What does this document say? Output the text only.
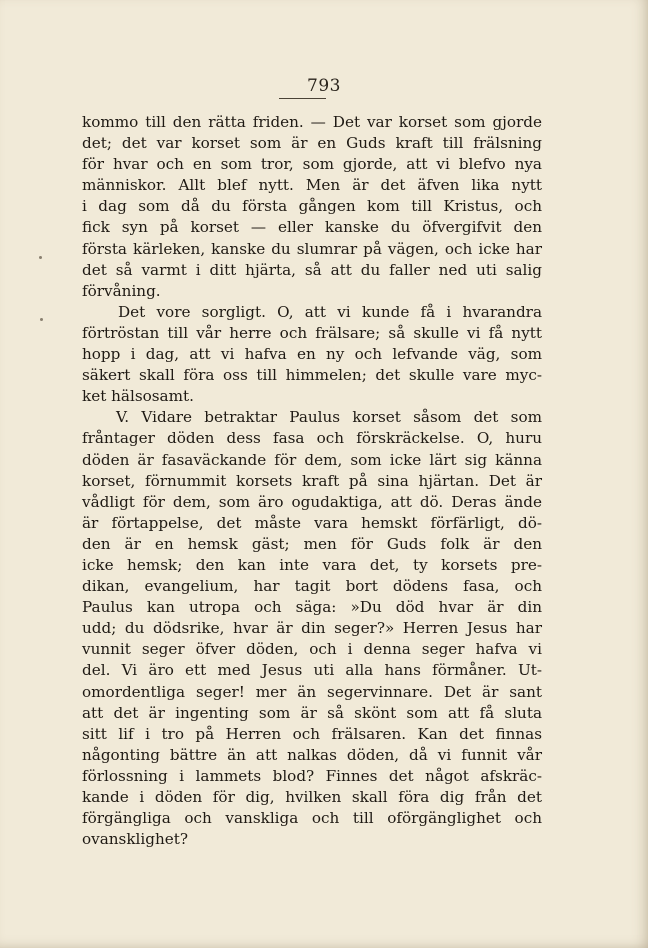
793
kommo till den rätta friden. — Det var korset som gjorde
det; det var korset som är en Guds kraft till frälsning
för hvar och en som tror, som gjorde, att vi blefvo nya
människor. Allt blef nytt. Men är det äfven lika nytt
i dag som då du första gången kom till Kristus, och
fick syn på korset — eller kanske du öfvergifvit den
första kärleken, kanske du slumrar på vägen, och icke har
det så varmt i ditt hjärta, så att du faller ned uti salig
förvåning.
Det vore sorgligt. O, att vi kunde få i hvarandra
förtröstan till vår herre och frälsare; så skulle vi få nytt
hopp i dag, att vi hafva en ny och lefvande väg, som
säkert skall föra oss till himmelen; det skulle vare myc-
ket hälsosamt.
V. Vidare betraktar Paulus korset såsom det som
fråntager döden dess fasa och förskräckelse. O, huru
döden är fasaväckande för dem, som icke lärt sig känna
korset, förnummit korsets kraft på sina hjärtan. Det är
vådligt för dem, som äro ogudaktiga, att dö. Deras ände
är förtappelse, det måste vara hemskt förfärligt, dö-
den är en hemsk gäst; men för Guds folk är den
icke hemsk; den kan inte vara det, ty korsets pre-
dikan, evangelium, har tagit bort dödens fasa, och
Paulus kan utropa och säga: »Du död hvar är din
udd; du dödsrike, hvar är din seger?» Herren Jesus har
vunnit seger öfver döden, och i denna seger hafva vi
del. Vi äro ett med Jesus uti alla hans förmåner. Ut-
omordentliga seger! mer än segervinnare. Det är sant
att det är ingenting som är så skönt som att få sluta
sitt lif i tro på Herren och frälsaren. Kan det finnas
någonting bättre än att nalkas döden, då vi funnit vår
förlossning i lammets blod? Finnes det något afskräc-
kande i döden för dig, hvilken skall föra dig från det
förgängliga och vanskliga och till oförgänglighet och
ovansklighet?
